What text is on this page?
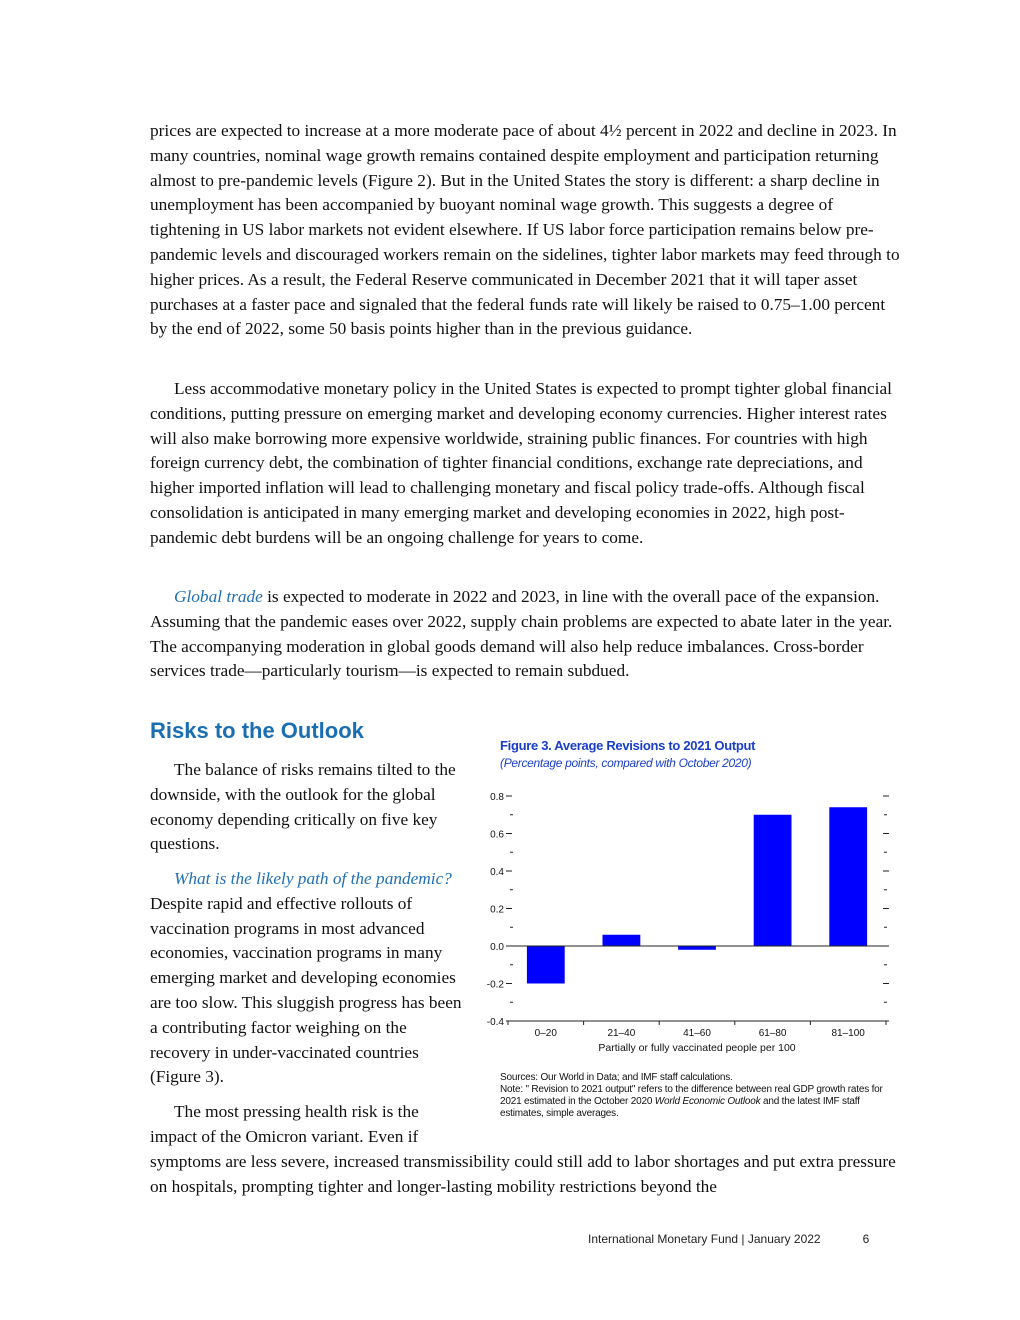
prices are expected to increase at a more moderate pace of about 4½ percent in 2022 and decline in 2023. In many countries, nominal wage growth remains contained despite employment and participation returning almost to pre-pandemic levels (Figure 2). But in the United States the story is different: a sharp decline in unemployment has been accompanied by buoyant nominal wage growth. This suggests a degree of tightening in US labor markets not evident elsewhere. If US labor force participation remains below pre-pandemic levels and discouraged workers remain on the sidelines, tighter labor markets may feed through to higher prices. As a result, the Federal Reserve communicated in December 2021 that it will taper asset purchases at a faster pace and signaled that the federal funds rate will likely be raised to 0.75–1.00 percent by the end of 2022, some 50 basis points higher than in the previous guidance.

Less accommodative monetary policy in the United States is expected to prompt tighter global financial conditions, putting pressure on emerging market and developing economy currencies. Higher interest rates will also make borrowing more expensive worldwide, straining public finances. For countries with high foreign currency debt, the combination of tighter financial conditions, exchange rate depreciations, and higher imported inflation will lead to challenging monetary and fiscal policy trade-offs. Although fiscal consolidation is anticipated in many emerging market and developing economies in 2022, high post-pandemic debt burdens will be an ongoing challenge for years to come.

Global trade is expected to moderate in 2022 and 2023, in line with the overall pace of the expansion. Assuming that the pandemic eases over 2022, supply chain problems are expected to abate later in the year. The accompanying moderation in global goods demand will also help reduce imbalances. Cross-border services trade—particularly tourism—is expected to remain subdued.

Risks to the Outlook

The balance of risks remains tilted to the downside, with the outlook for the global economy depending critically on five key questions.

What is the likely path of the pandemic? Despite rapid and effective rollouts of vaccination programs in most advanced economies, vaccination programs in many emerging market and developing economies are too slow. This sluggish progress has been a contributing factor weighing on the recovery in under-vaccinated countries (Figure 3).

The most pressing health risk is the impact of the Omicron variant. Even if

symptoms are less severe, increased transmissibility could still add to labor shortages and put extra pressure on hospitals, prompting tighter and longer-lasting mobility restrictions beyond the

Figure 3. Average Revisions to 2021 Output

(Percentage points, compared with October 2020)

0.8
0.6
0.4
0.2
0.0
-0.2
-0.4
0–20	21–40	41–60	61–80	81–100
Partially or fully vaccinated people per 100

Sources: Our World in Data; and IMF staff calculations.
Note: " Revision to 2021 output" refers to the difference between real GDP growth rates for 2021 estimated in the October 2020 World Economic Outlook and the latest IMF staff estimates, simple averages.

International Monetary Fund | January 2022	6
